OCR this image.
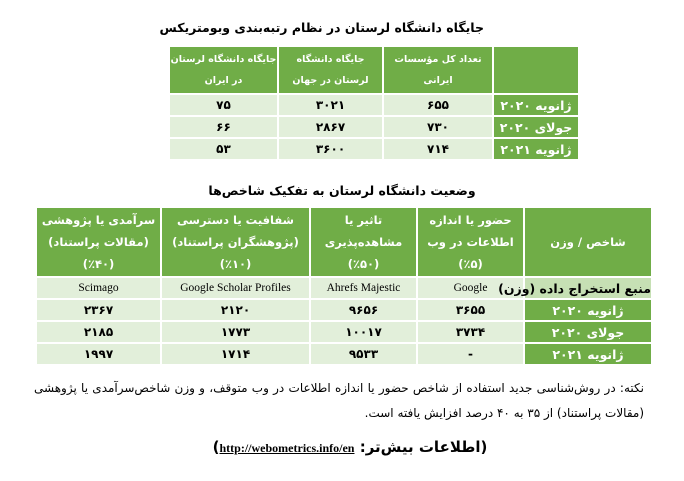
جایگاه دانشگاه لرستان در نظام رتبه‌بندی وبومتریکس
	تعداد کل مؤسسات ایرانی	جایگاه دانشگاه لرستان در جهان	جایگاه دانشگاه لرستان در ایران
ژانویه ۲۰۲۰	۶۵۵	۳۰۲۱	۷۵
جولای ۲۰۲۰	۷۳۰	۲۸۶۷	۶۶
ژانویه ۲۰۲۱	۷۱۴	۳۶۰۰	۵۳
وضعیت دانشگاه لرستان به تفکیک شاخص‌ها
شاخص / وزن	حضور یا اندازه اطلاعات در وب (۵٪)	تاثیر یا مشاهده‌پذیری (۵۰٪)	شفافیت یا دسترسی (پژوهشگران پراستناد) (۱۰٪)	سرآمدی یا پژوهشی (مقالات پراستناد) (۴۰٪)
منبع استخراج داده (وزن)	Google	Ahrefs Majestic	Google Scholar Profiles	Scimago
ژانویه ۲۰۲۰	۳۶۵۵	۹۶۵۶	۲۱۲۰	۲۳۶۷
جولای ۲۰۲۰	۳۷۳۴	۱۰۰۱۷	۱۷۷۳	۲۱۸۵
ژانویه ۲۰۲۱	-	۹۵۳۳	۱۷۱۴	۱۹۹۷
نکته: در روش‌شناسی جدید استفاده از شاخص حضور یا اندازه اطلاعات در وب متوقف، و وزن شاخص‌سرآمدی یا پژوهشی (مقالات پراستناد) از ۳۵ به ۴۰ درصد افزایش یافته است.
(اطلاعات بیش‌تر: http://webometrics.info/en)
